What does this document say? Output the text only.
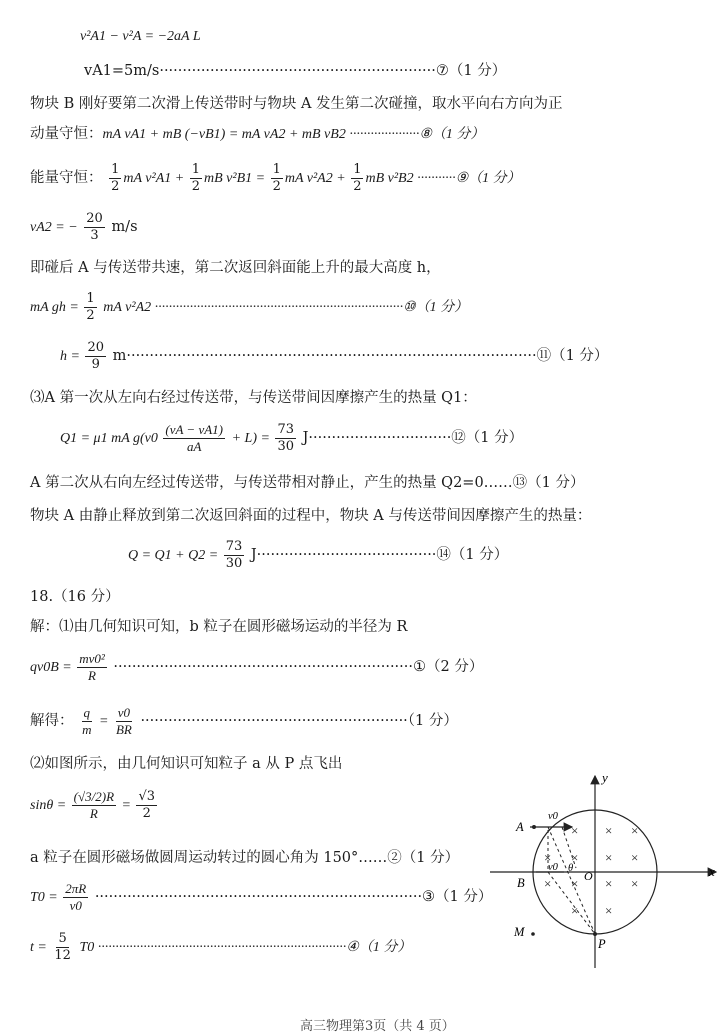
v²A1 − v²A = −2aA L
vA1=5m/s····························································⑦（1 分）
物块 B 刚好要第二次滑上传送带时与物块 A 发生第二次碰撞，取水平向右方向为正
动量守恒：mA vA1 + mB (−vB1) = mA vA2 + mB vB2 ····················⑧（1 分）
能量守恒： $\frac{1}{2}$ mA $v^2A1 + \frac{1}{2}$ mB $v^2B1 = \frac{1}{2}$ mA $v^2A2 + \frac{1}{2}$ mB v²B2 ···········⑨（1 分）
vA2 = − $\frac{20}{3} m/s$
即碰后 A 与传送带共速，第二次返回斜面能上升的最大高度 h，
mA gh = $\frac{1}{2}$ mA v²A2 ·······································································⑩（1 分）
$h = \frac{20}{9}$ m·························································································⑪（1 分）
⑶A 第一次从左向右经过传送带，与传送带间因摩擦产生的热量 Q1：
Q1 = μ1 mA $g(v0 \frac{(vA - vA1)}{aA} + L) = \frac{73}{30}$ J·······························⑫（1 分）
A 第二次从右向左经过传送带，与传送带相对静止，产生的热量 Q2=0……⑬（1 分）
物块 A 由静止释放到第二次返回斜面的过程中，物块 A 与传送带间因摩擦产生的热量：
$Q = Q1 + Q2 = \frac{73}{30}$ J·······································⑭（1 分）
18.（16 分）
解：⑴由几何知识可知，b 粒子在圆形磁场运动的半径为 R
$qv0B = \frac{\text{mv0²}}{R}$ ·································································①（2 分）
解得： $\frac{q}{m} = \frac{v0}{BR} \cdot\cdot\cdot\cdot\cdot\cdot\cdot\cdot\cdot\cdot\cdot\cdot\cdot\cdot\cdot\cdot\cdot\cdot\cdot\cdot\cdot\cdot\cdot\cdot\cdot\cdot\cdot\cdot\cdot\cdot\cdot\cdot\cdot\cdot\cdot\cdot\cdot\cdot\cdot\cdot\cdot\cdot\cdot\cdot\cdot\cdot\cdot\cdot\cdot\cdot\cdot\cdot\cdot\cdot\cdot\cdot\cdot\cdot(1$ 分）
⑵如图所示，由几何知识可知粒子 a 从 P 点飞出
$\sin\theta = \frac{(√3/2)R}{R} = \frac{√3}{2}$
a 粒子在圆形磁场做圆周运动转过的圆心角为 150°……②（1 分）
$T0 = \frac{2\pi R}{v0}$ ·······································································③（1 分）
$t = \frac{5}{12} T0$ ·······································································④（1 分）
高三物理第3页（共 4 页）
x
y
A
B
M
O
P
v0
v0 θ
× × ×
× × × ×
× × × ×
× ×
